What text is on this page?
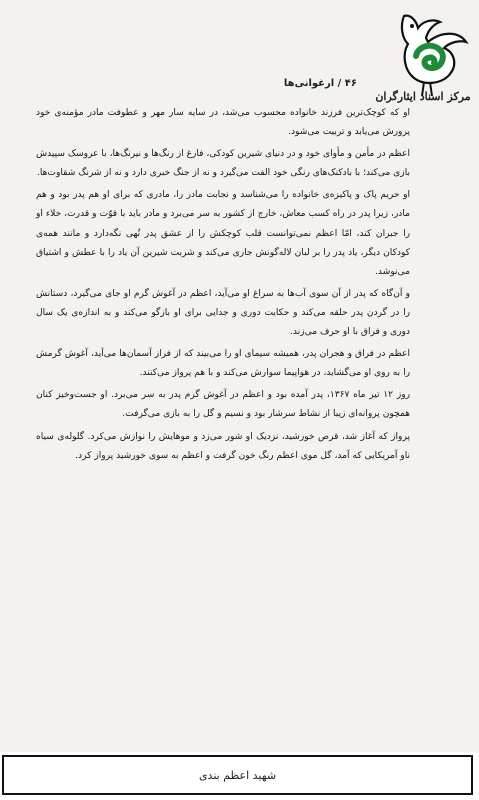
مرکز اسناد ایثارگران
۴۶ / ارغوانی‌ها

او که کوچک‌ترین فرزند خانواده محسوب می‌شد، در سایه سار مهر و عطوفت مادر مؤمنه‌ی خود پرورش می‌یابد و تربیت می‌شود.

اعظم در مأمن و مأوای خود و در دنیای شیرین کودکی، فارغ از رنگ‌ها و نیرنگ‌ها، با عروسک سپیدش بازی می‌کند؛ با بادکنک‌های رنگی خود الفت می‌گیرد و نه از جنگ خبری دارد و نه از شرنگ شقاوت‌ها.

او حریم پاک و پاکیزه‌ی خانواده را می‌شناسد و نجابت مادر را، مادری که برای او هم پدر بود و هم مادر، زیرا پدر در راه کسب معاش، خارج از کشور به سر می‌برد و مادر باید با قوّت و قدرت، خلاء او را جبران کند، امّا اعظم نمی‌توانست قلب کوچکش را از عشق پدر تُهی نگه‌دارد و مانند همه‌ی کودکان دیگر، یاد پدر را بر لبان لاله‌گونش جاری می‌کند و شربت شیرین آن یاد را با عطش و اشتیاق می‌نوشد.

و آن‌گاه که پدر از آن سوی آب‌ها به سراغ او می‌آید، اعظم در آغوش گرم او جای می‌گیرد، دستانش را در گردن پدر حلقه می‌کند و حکایت دوری و جدایی برای او بازگو می‌کند و به اندازه‌ی یک سال دوری و فراق با او حرف می‌زند.

اعظم در فراق و هجران پدر، همیشه سیمای او را می‌بیند که از فراز آسمان‌ها می‌آید، آغوش گرمش را به روی او می‌گشاید، در هواپیما سوارش می‌کند و با هم پرواز می‌کنند.

روز ۱۲ تیر ماه ۱۳۶۷، پدر آمده بود و اعظم در آغوش گرم پدر به سر می‌برد. او جست‌وخیز کنان همچون پروانه‌ای زیبا از نشاط سرشار بود و نسیم و گل را به بازی می‌گرفت.

پرواز که آغاز شد، قرص خورشید، نزدیک او شور می‌زد و موهایش را نوازش می‌کرد. گلوله‌ی سیاه ناو آمریکایی که آمد، گل موی اعظم رنگ خون گرفت و اعظم به سوی خورشید پرواز کرد.

شهید اعظم بندی
